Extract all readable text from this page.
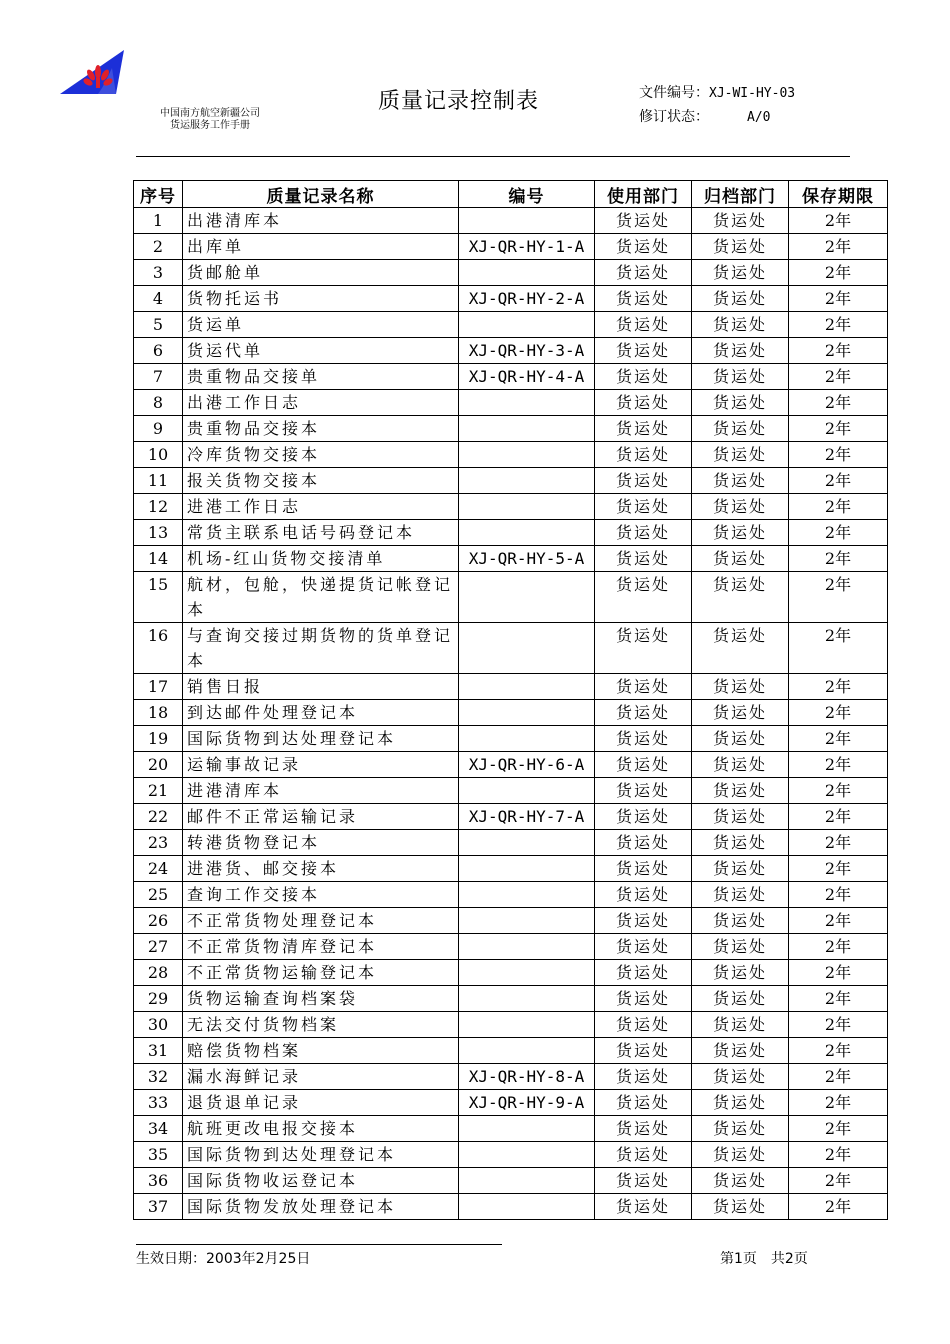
中国南方航空新疆公司
货运服务工作手册
质量记录控制表	文件编号：XJ-WI-HY-03
修订状态：	A/0
序号	质量记录名称	编号	使用部门	归档部门	保存期限
1	出港清库本		货运处	货运处	2年
2	出库单	XJ-QR-HY-1-A	货运处	货运处	2年
3	货邮舱单		货运处	货运处	2年
4	货物托运书	XJ-QR-HY-2-A	货运处	货运处	2年
5	货运单		货运处	货运处	2年
6	货运代单	XJ-QR-HY-3-A	货运处	货运处	2年
7	贵重物品交接单	XJ-QR-HY-4-A	货运处	货运处	2年
8	出港工作日志		货运处	货运处	2年
9	贵重物品交接本		货运处	货运处	2年
10	冷库货物交接本		货运处	货运处	2年
11	报关货物交接本		货运处	货运处	2年
12	进港工作日志		货运处	货运处	2年
13	常货主联系电话号码登记本		货运处	货运处	2年
14	机场-红山货物交接清单	XJ-QR-HY-5-A	货运处	货运处	2年
15	航材，包舱，快递提货记帐登记本		货运处	货运处	2年
16	与查询交接过期货物的货单登记本		货运处	货运处	2年
17	销售日报		货运处	货运处	2年
18	到达邮件处理登记本		货运处	货运处	2年
19	国际货物到达处理登记本		货运处	货运处	2年
20	运输事故记录	XJ-QR-HY-6-A	货运处	货运处	2年
21	进港清库本		货运处	货运处	2年
22	邮件不正常运输记录	XJ-QR-HY-7-A	货运处	货运处	2年
23	转港货物登记本		货运处	货运处	2年
24	进港货、邮交接本		货运处	货运处	2年
25	查询工作交接本		货运处	货运处	2年
26	不正常货物处理登记本		货运处	货运处	2年
27	不正常货物清库登记本		货运处	货运处	2年
28	不正常货物运输登记本		货运处	货运处	2年
29	货物运输查询档案袋		货运处	货运处	2年
30	无法交付货物档案		货运处	货运处	2年
31	赔偿货物档案		货运处	货运处	2年
32	漏水海鲜记录	XJ-QR-HY-8-A	货运处	货运处	2年
33	退货退单记录	XJ-QR-HY-9-A	货运处	货运处	2年
34	航班更改电报交接本		货运处	货运处	2年
35	国际货物到达处理登记本		货运处	货运处	2年
36	国际货物收运登记本		货运处	货运处	2年
37	国际货物发放处理登记本		货运处	货运处	2年
生效日期：2003年2月25日	第1页　共2页
